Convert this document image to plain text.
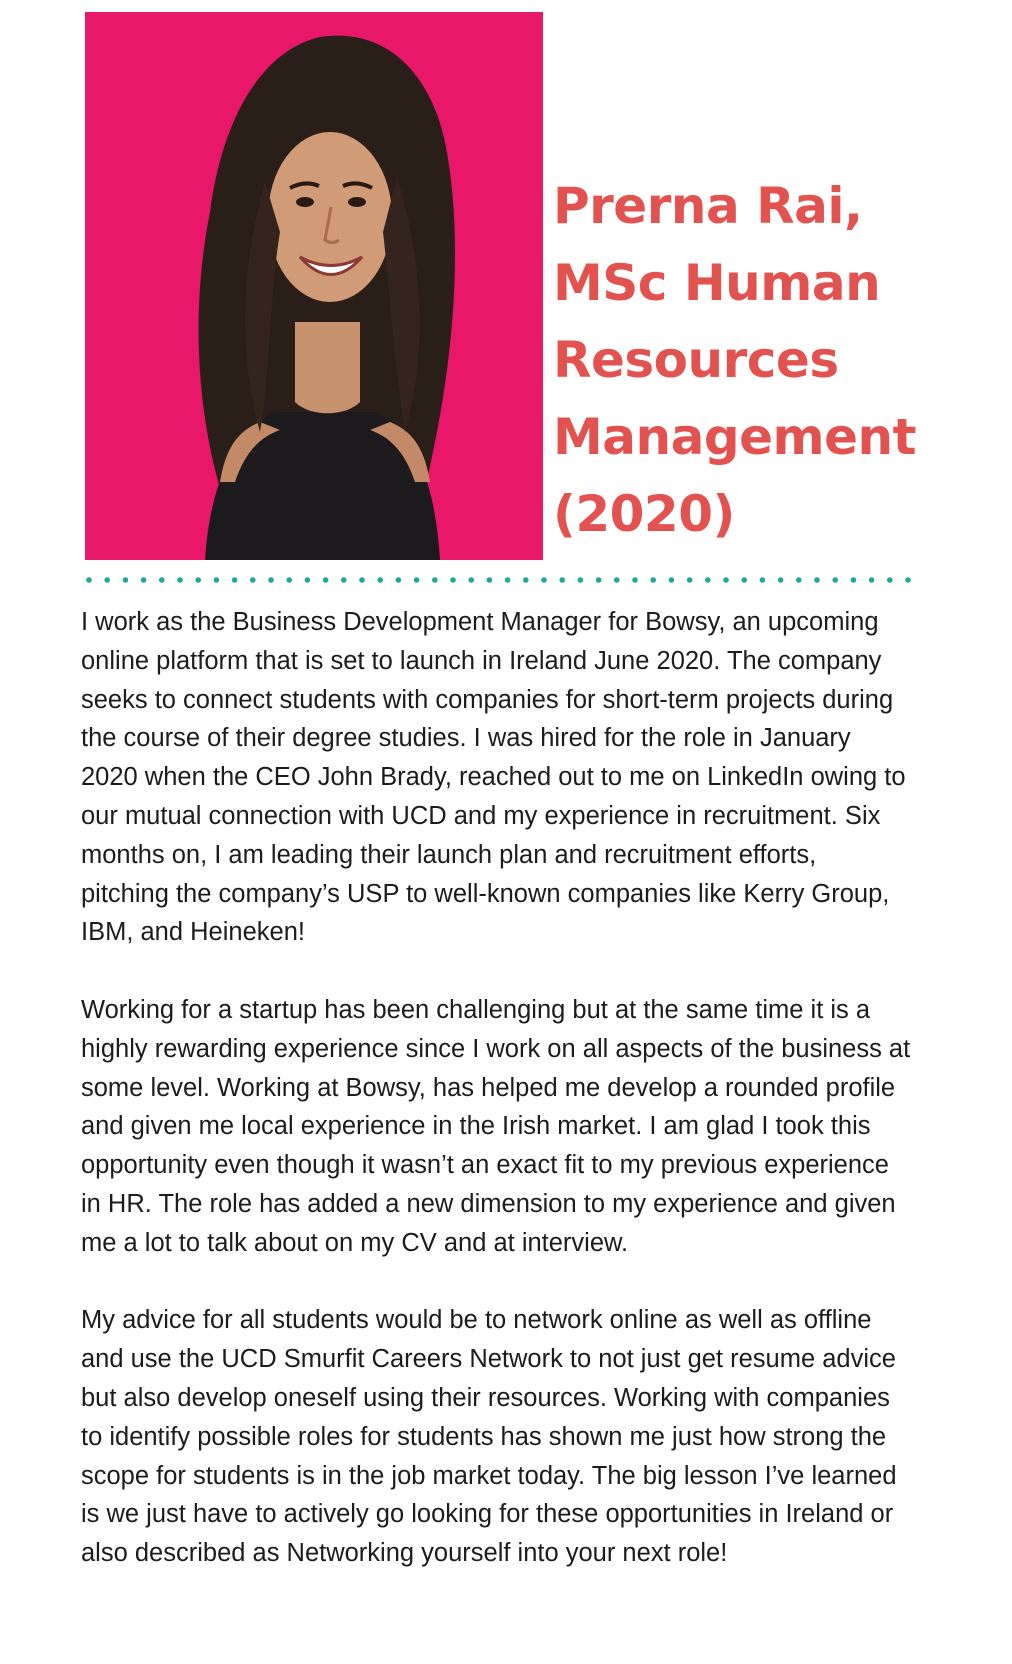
Prerna Rai,
MSc Human
Resources
Management
(2020)

I work as the Business Development Manager for Bowsy, an upcoming online platform that is set to launch in Ireland June 2020. The company seeks to connect students with companies for short-term projects during the course of their degree studies. I was hired for the role in January 2020 when the CEO John Brady, reached out to me on LinkedIn owing to our mutual connection with UCD and my experience in recruitment. Six months on, I am leading their launch plan and recruitment efforts, pitching the company’s USP to well-known companies like Kerry Group, IBM, and Heineken!

Working for a startup has been challenging but at the same time it is a highly rewarding experience since I work on all aspects of the business at some level. Working at Bowsy, has helped me develop a rounded profile and given me local experience in the Irish market. I am glad I took this opportunity even though it wasn’t an exact fit to my previous experience in HR. The role has added a new dimension to my experience and given me a lot to talk about on my CV and at interview.

My advice for all students would be to network online as well as offline and use the UCD Smurfit Careers Network to not just get resume advice but also develop oneself using their resources. Working with companies to identify possible roles for students has shown me just how strong the scope for students is in the job market today. The big lesson I’ve learned is we just have to actively go looking for these opportunities in Ireland or also described as Networking yourself into your next role!
